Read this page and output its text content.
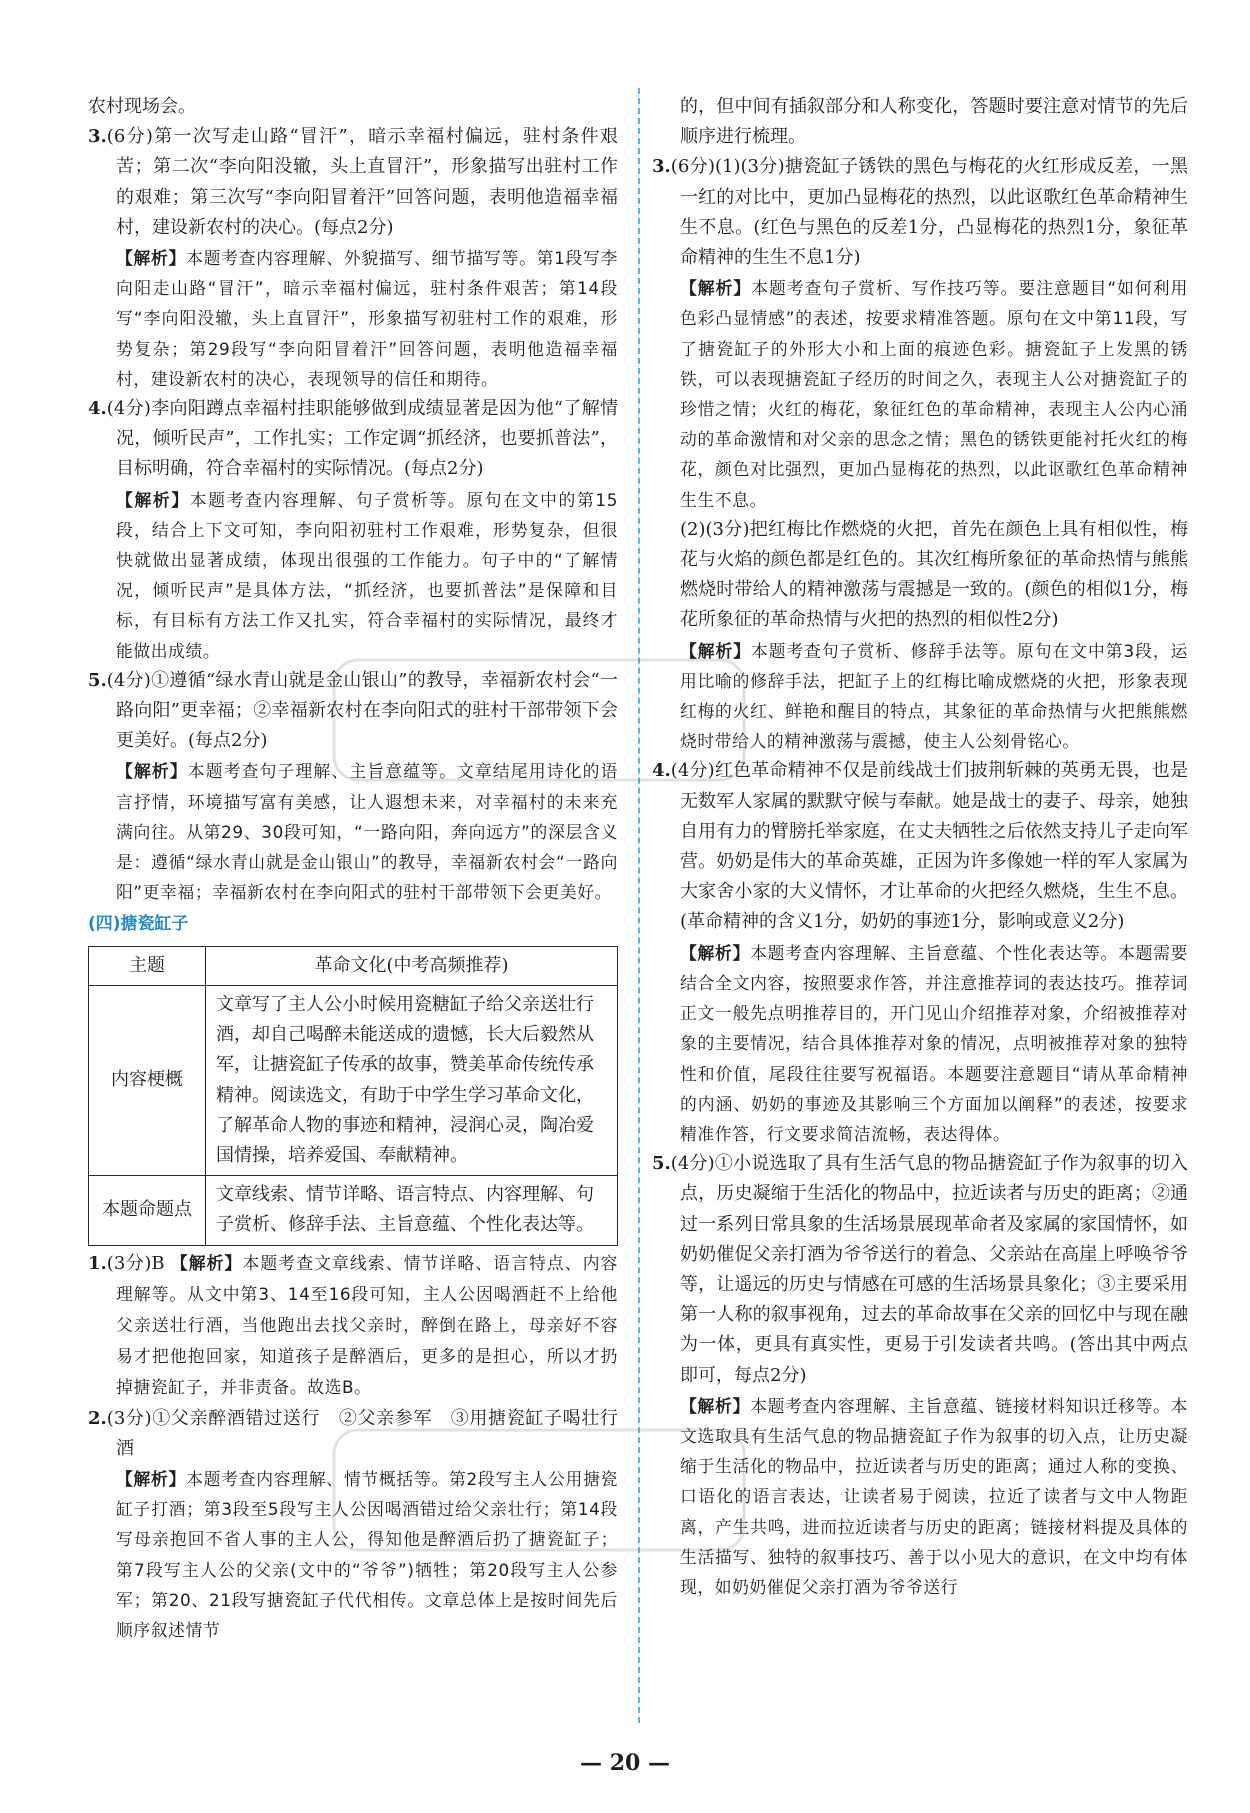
农村现场会。

3.(6分)第一次写走山路“冒汗”，暗示幸福村偏远，驻村条件艰苦；第二次“李向阳没辙，头上直冒汗”，形象描写出驻村工作的艰难；第三次写“李向阳冒着汗”回答问题，表明他造福幸福村，建设新农村的决心。(每点2分)

【解析】本题考查内容理解、外貌描写、细节描写等。第1段写李向阳走山路“冒汗”，暗示幸福村偏远，驻村条件艰苦；第14段写“李向阳没辙，头上直冒汗”，形象描写初驻村工作的艰难，形势复杂；第29段写“李向阳冒着汗”回答问题，表明他造福幸福村，建设新农村的决心，表现领导的信任和期待。

4.(4分)李向阳蹲点幸福村挂职能够做到成绩显著是因为他“了解情况，倾听民声”，工作扎实；工作定调“抓经济，也要抓普法”，目标明确，符合幸福村的实际情况。(每点2分)

【解析】本题考查内容理解、句子赏析等。原句在文中的第15段，结合上下文可知，李向阳初驻村工作艰难，形势复杂，但很快就做出显著成绩，体现出很强的工作能力。句子中的“了解情况，倾听民声”是具体方法，“抓经济，也要抓普法”是保障和目标，有目标有方法工作又扎实，符合幸福村的实际情况，最终才能做出成绩。

5.(4分)①遵循“绿水青山就是金山银山”的教导，幸福新农村会“一路向阳”更幸福；②幸福新农村在李向阳式的驻村干部带领下会更美好。(每点2分)

【解析】本题考查句子理解、主旨意蕴等。文章结尾用诗化的语言抒情，环境描写富有美感，让人遐想未来，对幸福村的未来充满向往。从第29、30段可知，“一路向阳，奔向远方”的深层含义是：遵循“绿水青山就是金山银山”的教导，幸福新农村会“一路向阳”更幸福；幸福新农村在李向阳式的驻村干部带领下会更美好。

(四)搪瓷缸子
主题	革命文化(中考高频推荐)
内容梗概	文章写了主人公小时候用瓷糖缸子给父亲送壮行酒，却自己喝醉未能送成的遗憾，长大后毅然从军，让搪瓷缸子传承的故事，赞美革命传统传承精神。阅读选文，有助于中学生学习革命文化，了解革命人物的事迹和精神，浸润心灵，陶冶爱国情操，培养爱国、奉献精神。
本题命题点	文章线索、情节详略、语言特点、内容理解、句子赏析、修辞手法、主旨意蕴、个性化表达等。

1.(3分)B 【解析】本题考查文章线索、情节详略、语言特点、内容理解等。从文中第3、14至16段可知，主人公因喝酒赶不上给他父亲送壮行酒，当他跑出去找父亲时，醉倒在路上，母亲好不容易才把他抱回家，知道孩子是醉酒后，更多的是担心，所以才扔掉搪瓷缸子，并非责备。故选B。

2.(3分)①父亲醉酒错过送行　②父亲参军　③用搪瓷缸子喝壮行酒

【解析】本题考查内容理解、情节概括等。第2段写主人公用搪瓷缸子打酒；第3段至5段写主人公因喝酒错过给父亲壮行；第14段写母亲抱回不省人事的主人公，得知他是醉酒后扔了搪瓷缸子；第7段写主人公的父亲(文中的“爷爷”)牺牲；第20段写主人公参军；第20、21段写搪瓷缸子代代相传。文章总体上是按时间先后顺序叙述情节

的，但中间有插叙部分和人称变化，答题时要注意对情节的先后顺序进行梳理。

3.(6分)(1)(3分)搪瓷缸子锈铁的黑色与梅花的火红形成反差，一黑一红的对比中，更加凸显梅花的热烈，以此讴歌红色革命精神生生不息。(红色与黑色的反差1分，凸显梅花的热烈1分，象征革命精神的生生不息1分)

【解析】本题考查句子赏析、写作技巧等。要注意题目“如何利用色彩凸显情感”的表述，按要求精准答题。原句在文中第11段，写了搪瓷缸子的外形大小和上面的痕迹色彩。搪瓷缸子上发黑的锈铁，可以表现搪瓷缸子经历的时间之久，表现主人公对搪瓷缸子的珍惜之情；火红的梅花，象征红色的革命精神，表现主人公内心涌动的革命激情和对父亲的思念之情；黑色的锈铁更能衬托火红的梅花，颜色对比强烈，更加凸显梅花的热烈，以此讴歌红色革命精神生生不息。

(2)(3分)把红梅比作燃烧的火把，首先在颜色上具有相似性，梅花与火焰的颜色都是红色的。其次红梅所象征的革命热情与熊熊燃烧时带给人的精神激荡与震撼是一致的。(颜色的相似1分，梅花所象征的革命热情与火把的热烈的相似性2分)

【解析】本题考查句子赏析、修辞手法等。原句在文中第3段，运用比喻的修辞手法，把缸子上的红梅比喻成燃烧的火把，形象表现红梅的火红、鲜艳和醒目的特点，其象征的革命热情与火把熊熊燃烧时带给人的精神激荡与震撼，使主人公刻骨铭心。

4.(4分)红色革命精神不仅是前线战士们披荆斩棘的英勇无畏，也是无数军人家属的默默守候与奉献。她是战士的妻子、母亲，她独自用有力的臂膀托举家庭，在丈夫牺牲之后依然支持儿子走向军营。奶奶是伟大的革命英雄，正因为许多像她一样的军人家属为大家舍小家的大义情怀，才让革命的火把经久燃烧，生生不息。(革命精神的含义1分，奶奶的事迹1分，影响或意义2分)

【解析】本题考查内容理解、主旨意蕴、个性化表达等。本题需要结合全文内容，按照要求作答，并注意推荐词的表达技巧。推荐词正文一般先点明推荐目的，开门见山介绍推荐对象，介绍被推荐对象的主要情况，结合具体推荐对象的情况，点明被推荐对象的独特性和价值，尾段往往要写祝福语。本题要注意题目“请从革命精神的内涵、奶奶的事迹及其影响三个方面加以阐释”的表述，按要求精准作答，行文要求简洁流畅，表达得体。

5.(4分)①小说选取了具有生活气息的物品搪瓷缸子作为叙事的切入点，历史凝缩于生活化的物品中，拉近读者与历史的距离；②通过一系列日常具象的生活场景展现革命者及家属的家国情怀，如奶奶催促父亲打酒为爷爷送行的着急、父亲站在高崖上呼唤爷爷等，让遥远的历史与情感在可感的生活场景具象化；③主要采用第一人称的叙事视角，过去的革命故事在父亲的回忆中与现在融为一体，更具有真实性，更易于引发读者共鸣。(答出其中两点即可，每点2分)

【解析】本题考查内容理解、主旨意蕴、链接材料知识迁移等。本文选取具有生活气息的物品搪瓷缸子作为叙事的切入点，让历史凝缩于生活化的物品中，拉近读者与历史的距离；通过人称的变换、口语化的语言表达，让读者易于阅读，拉近了读者与文中人物距离，产生共鸣，进而拉近读者与历史的距离；链接材料提及具体的生活描写、独特的叙事技巧、善于以小见大的意识，在文中均有体现，如奶奶催促父亲打酒为爷爷送行

— 20 —
